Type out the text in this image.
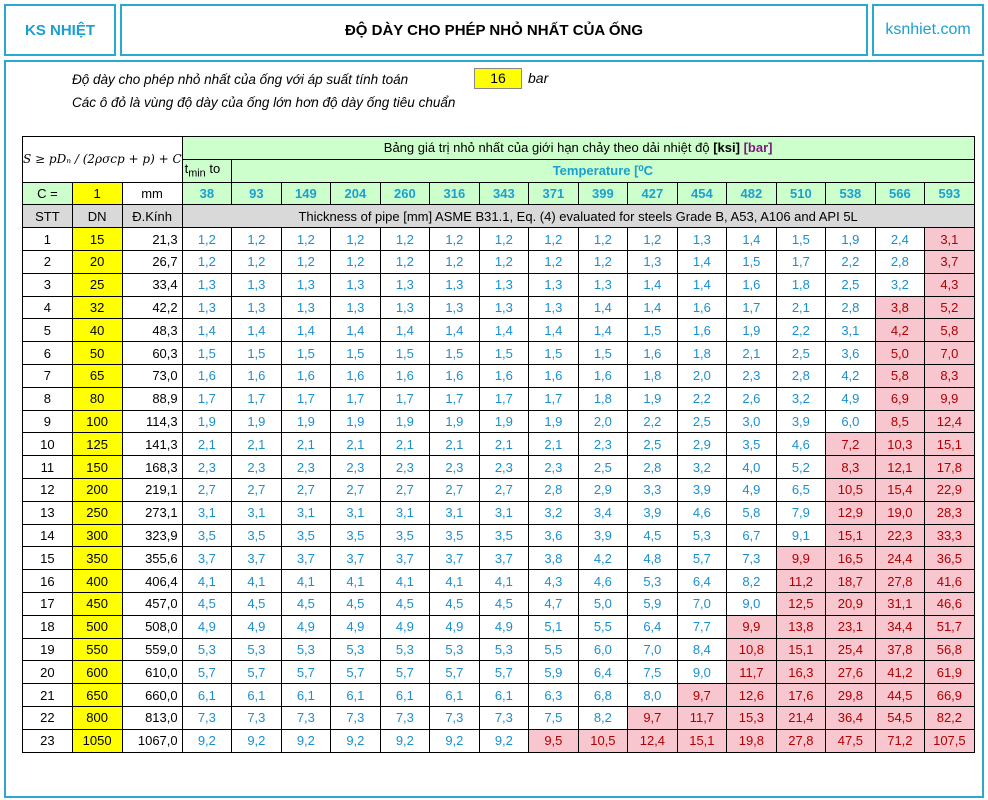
KS NHIỆT	ĐỘ DÀY CHO PHÉP NHỎ NHẤT CỦA ỐNG	ksnhiet.com
Độ dày cho phép nhỏ nhất của ống với áp suất tính toán	16	bar
Các ô đỏ là vùng độ dày của ống lớn hơn độ dày ống tiêu chuẩn
S ≥ pDₙ / (2ρσcp + p) + C			Bảng giá trị nhỏ nhất của giới hạn chảy theo dải nhiệt độ [ksi] [bar]															
			$t_{min}$ to	Temperature [⁰C														
C =	1	mm	38	93	149	204	260	316	343	371	399	427	454	482	510	538	566	593
STT	DN	Đ.Kính	Thickness of pipe [mm] ASME B31.1, Eq. (4) evaluated for steels Grade B, A53, A106 and API 5L															
1	15	21,3	1,2	1,2	1,2	1,2	1,2	1,2	1,2	1,2	1,2	1,2	1,3	1,4	1,5	1,9	2,4	3,1
2	20	26,7	1,2	1,2	1,2	1,2	1,2	1,2	1,2	1,2	1,2	1,3	1,4	1,5	1,7	2,2	2,8	3,7
3	25	33,4	1,3	1,3	1,3	1,3	1,3	1,3	1,3	1,3	1,3	1,4	1,4	1,6	1,8	2,5	3,2	4,3
4	32	42,2	1,3	1,3	1,3	1,3	1,3	1,3	1,3	1,3	1,4	1,4	1,6	1,7	2,1	2,8	3,8	5,2
5	40	48,3	1,4	1,4	1,4	1,4	1,4	1,4	1,4	1,4	1,4	1,5	1,6	1,9	2,2	3,1	4,2	5,8
6	50	60,3	1,5	1,5	1,5	1,5	1,5	1,5	1,5	1,5	1,5	1,6	1,8	2,1	2,5	3,6	5,0	7,0
7	65	73,0	1,6	1,6	1,6	1,6	1,6	1,6	1,6	1,6	1,6	1,8	2,0	2,3	2,8	4,2	5,8	8,3
8	80	88,9	1,7	1,7	1,7	1,7	1,7	1,7	1,7	1,7	1,8	1,9	2,2	2,6	3,2	4,9	6,9	9,9
9	100	114,3	1,9	1,9	1,9	1,9	1,9	1,9	1,9	1,9	2,0	2,2	2,5	3,0	3,9	6,0	8,5	12,4
10	125	141,3	2,1	2,1	2,1	2,1	2,1	2,1	2,1	2,1	2,3	2,5	2,9	3,5	4,6	7,2	10,3	15,1
11	150	168,3	2,3	2,3	2,3	2,3	2,3	2,3	2,3	2,3	2,5	2,8	3,2	4,0	5,2	8,3	12,1	17,8
12	200	219,1	2,7	2,7	2,7	2,7	2,7	2,7	2,7	2,8	2,9	3,3	3,9	4,9	6,5	10,5	15,4	22,9
13	250	273,1	3,1	3,1	3,1	3,1	3,1	3,1	3,1	3,2	3,4	3,9	4,6	5,8	7,9	12,9	19,0	28,3
14	300	323,9	3,5	3,5	3,5	3,5	3,5	3,5	3,5	3,6	3,9	4,5	5,3	6,7	9,1	15,1	22,3	33,3
15	350	355,6	3,7	3,7	3,7	3,7	3,7	3,7	3,7	3,8	4,2	4,8	5,7	7,3	9,9	16,5	24,4	36,5
16	400	406,4	4,1	4,1	4,1	4,1	4,1	4,1	4,1	4,3	4,6	5,3	6,4	8,2	11,2	18,7	27,8	41,6
17	450	457,0	4,5	4,5	4,5	4,5	4,5	4,5	4,5	4,7	5,0	5,9	7,0	9,0	12,5	20,9	31,1	46,6
18	500	508,0	4,9	4,9	4,9	4,9	4,9	4,9	4,9	5,1	5,5	6,4	7,7	9,9	13,8	23,1	34,4	51,7
19	550	559,0	5,3	5,3	5,3	5,3	5,3	5,3	5,3	5,5	6,0	7,0	8,4	10,8	15,1	25,4	37,8	56,8
20	600	610,0	5,7	5,7	5,7	5,7	5,7	5,7	5,7	5,9	6,4	7,5	9,0	11,7	16,3	27,6	41,2	61,9
21	650	660,0	6,1	6,1	6,1	6,1	6,1	6,1	6,1	6,3	6,8	8,0	9,7	12,6	17,6	29,8	44,5	66,9
22	800	813,0	7,3	7,3	7,3	7,3	7,3	7,3	7,3	7,5	8,2	9,7	11,7	15,3	21,4	36,4	54,5	82,2
23	1050	1067,0	9,2	9,2	9,2	9,2	9,2	9,2	9,2	9,5	10,5	12,4	15,1	19,8	27,8	47,5	71,2	107,5
